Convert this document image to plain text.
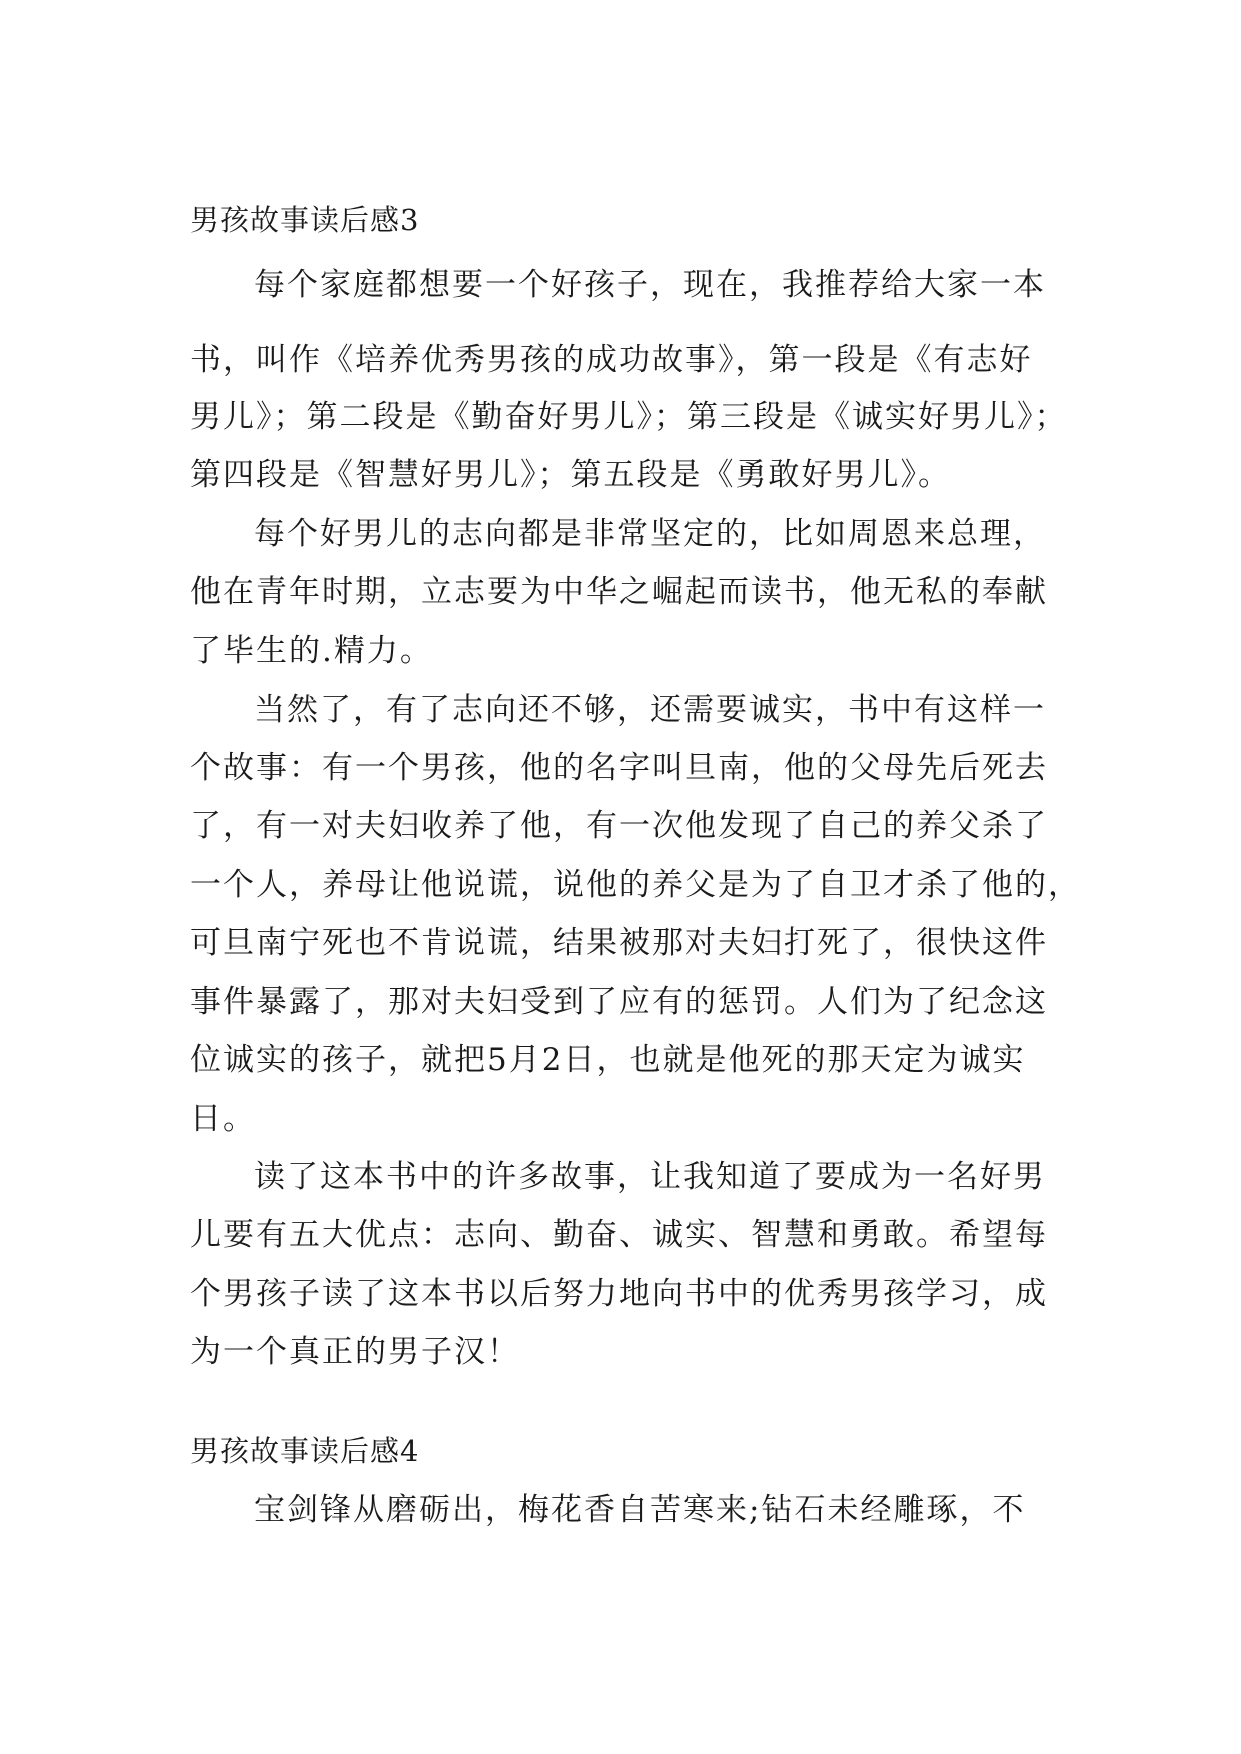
男孩故事读后感3
每个家庭都想要一个好孩子，现在，我推荐给大家一本
书，叫作《培养优秀男孩的成功故事》，第一段是《有志好
男儿》；第二段是《勤奋好男儿》；第三段是《诚实好男儿》；
第四段是《智慧好男儿》；第五段是《勇敢好男儿》。
每个好男儿的志向都是非常坚定的，比如周恩来总理，
他在青年时期，立志要为中华之崛起而读书，他无私的奉献
了毕生的.精力。
当然了，有了志向还不够，还需要诚实，书中有这样一
个故事：有一个男孩，他的名字叫旦南，他的父母先后死去
了，有一对夫妇收养了他，有一次他发现了自己的养父杀了
一个人，养母让他说谎，说他的养父是为了自卫才杀了他的，
可旦南宁死也不肯说谎，结果被那对夫妇打死了，很快这件
事件暴露了，那对夫妇受到了应有的惩罚。人们为了纪念这
位诚实的孩子，就把5月2日，也就是他死的那天定为诚实
日。
读了这本书中的许多故事，让我知道了要成为一名好男
儿要有五大优点：志向、勤奋、诚实、智慧和勇敢。希望每
个男孩子读了这本书以后努力地向书中的优秀男孩学习，成
为一个真正的男子汉！
男孩故事读后感4
宝剑锋从磨砺出，梅花香自苦寒来;钻石未经雕琢，不
